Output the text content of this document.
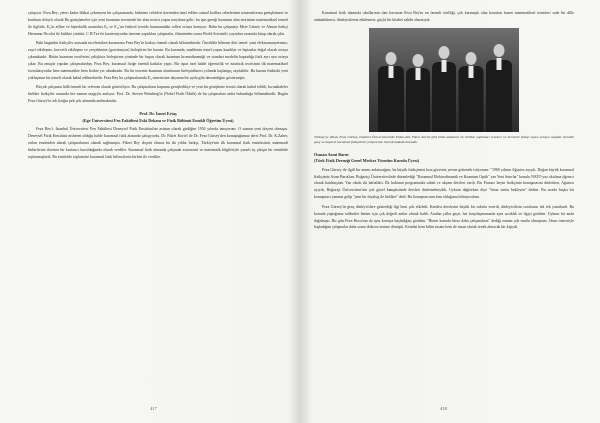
çalışıyor. Feza Bey, yeteri kadar dikkat çekmeyen bir çalışmasında, birbirine cebirleri üzerinden tanıf edilen rotasal kodları cebirlerinin ırmaoniformu genişletmesi ve bunların dolaylı olarak Bu genişlemeler için yeni kuantum teorisinde bir alan teorisi yapısı meydana gelir; bu işin gereği kuantum alan teorisinin matematiksel temeli ile ilgilidir. E₈'in affine ve hiperbolik uzantıları E₉ ve E₁₀'un fiziksel teoride kuantumdaki rolleri ortaya konuyor. Hahn bu çalışmayı Mete Gürsey ve Alman fizikçi Hermann Nicolai ile birlikte yürüttü. C.H.Tze ile kuaterniyonlar üzerine yaptıkları çalışmalar, ölümünden sonra World Scientific yayınları arasında kitap olarak çıktı.

Baki bugünkü fizikçiler arasında incelenirken kuramının Feza Bey'in katkısı önemli olarak bilinmektedir. Öncelikle bilmem dört temel: yani elektromanyetizma, zayıf etkileşme, kuvvetli etkileşme ve yerçekimini (gravitasyon) birleştiren bir kuram. Bu kuramda, maddenin temel yapısı kuarklar ve leptonlar doğal olarak ortaya çıkmaktadır. Bütün kuantum teorilerini çelişkisiz birleştirme yönünde bir başarı olarak kuantum kromodinamiği ve standart modelin kapsadığı fizik ayrı ayrı ortaya çıkar. Bu amaçla yapılan çalışmalardan, Feza Bey, kuramsal fiziğe önemli katkılar yaptı. Bir ispat özel halde öğrencilik ve istatistik teorisinin ilk matematiksel formülasyonlar hem matematikte hem fizikte yer almaktadır. Bu bir teorinin kuantum alanlarının birleştirilmesi yolunda başlangıç sayılabilir. Bu kuram fizikteki yeni yaklaşımın bir temeli olarak kabul edilmektedir. Feza Bey bu çalışmalarında E₈ simetrisine dayanan bir uydu gibi davrandığını göstermiştir.

Birçok çalışması hâlâ önemli bir referans olarak gösteriliyor. Bu çalışmaların kapsamı genişledikçe ve yeni bir genişleme teorisi olarak kabul edildi, bu makaleler birlikte fizikçiler arasında her zaman saygıyla anılıyor. Prof. Dr. Steven Weinberg'in (Nobel Fizik Ödülü) de bu çalışmalara atıfta bulunduğu bilinmektedir. Bugün Feza Gürsey'in adı fiziğin pek çok alanında anılmaktadır.

Prof. Dr. İsmet Ertaş
(Ege Üniversitesi Fen Fakültesi Eski Dekanı ve Fizik Bölümü Emekli Öğretim Üyesi)

Feza Bey'i, İstanbul Üniversitesi Fen Fakültesi Deneysel Fizik Enstitüsü'ne asistan olarak girdiğim 1954 yılında tanıyorum. O zaman yeni doçent olmuştu. Deneysel Fizik Enstitüsü nisbeten olduğu halde kuramsal fizik alanında çalışıyordu. Dr. Fikret Kortel ile Dr. Feza Gürsey'den konuştuğumuz dersi Prof. Dr. K.Zaher, onları enstitüden alarak çalışmalarına olanak sağlamıştır. Fikret Bey doçent olunca bu iki yıldız fizikçi, Türkiye'nin ilk kuramsal fizik enstitüsünü, mütemadi birbirlerine ilaveten bir kurtarıcı kurulduğunda olarak verdiler. Kuramsal fizik alanında çalışmak astronomi ve matematik bilgileriyle yararlı üç çıkışın bir enstitüde toplanmışlardı. Bu enstitüde toplantılar kuramsal fizik bilimcilerin birbiri ile verdiler.

417

Kuramsal fizik alanında okullarının tüm havuzun Feza Bey'in en önemli özelliği, çok karmaşık olan konuları bazen matematiksel terimleri sade bir dille anlatabilmesi, dinleyicilerini etkilemesi, güçlü bir hitabet sahibi olmasıydı.

Türkiye'ye dönen Feza Gürsey, İstanbul Üniversitesi'nde Erdal Atil, Fikret Kortel gibi bilim adamları ile birlikte yaptıkları seminer ve derslerle fizikçi sayısı artışını sağladı. Kendisi genç ve başarılı kuramsal fizikçilerin yetişmesine önemli katkıda bulundu.

Osman Azmi Barut
(Türk Fizik Derneği Genel Merkez Yönetim Kurulu Üyesi)

Feza Gürsey ile ilgili bir anımı anlatacağım; bu büyük fizikçimizi kısa görevini yerine getirmek istiyorum: "1969 yılının Ağustos ayıydı. Doğan büyük kuramsal fizikçimiz Asım Barut'tan, Boğaziçi Üniversitesi'nde düzenlediği "Kuramsal Elektrodinamik ve Kuantum Optik" yaz Yeni Sınırlar" konulu NATO yaz okuluna öğrenci olarak katılmıştım. Yaz okulu iki haftalıktı. İlk haftanın programında sabah ve akşam dersleri vardı. Bir Fransız beyin fizikçinin konuşmasını dinlerken, Ağustos ayıydı, Boğaziçi Üniversitesi'nin çok güzel kampüsünde dersleri dinlemekteydik. Uykum dağılırken diye "biraz siesta bekleyen" dedim. Bu sırada başka bir konuşmacı yanıma gelip "yeni bir diyalog ile birlikte" dedi. Bu konuşmacının kim olduğunu bilmiyordum.

Feza Gürsey'in genç dinleyicilere gösterdiği ilgi beni çok etkiledi. Kendisi derslerini büyük bir sabırla verirdi, dinleyicilerin sorularını tek tek yanıtlardı. Bu konuda yaptığımız sohbetler benim için çok değerli anılar olarak kaldı. Aradan yıllar geçti, her karşılaşmamızda aynı sıcaklık ve ilgiyi gördüm. Uykum bir anda dağılmıştı. Bir gün Feza Hoca'nın da aynı konuya başladığını gördüm. "Bizim konuda biraz daha çalışmalısın" dediği zaman çok mutlu olmuştum. Onun önerisiyle başladığım çalışmalar daha sonra doktora tezime dönüştü. Kendisi hem bilim insanı hem de insan olarak örnek alınacak bir kişiydi.

418
